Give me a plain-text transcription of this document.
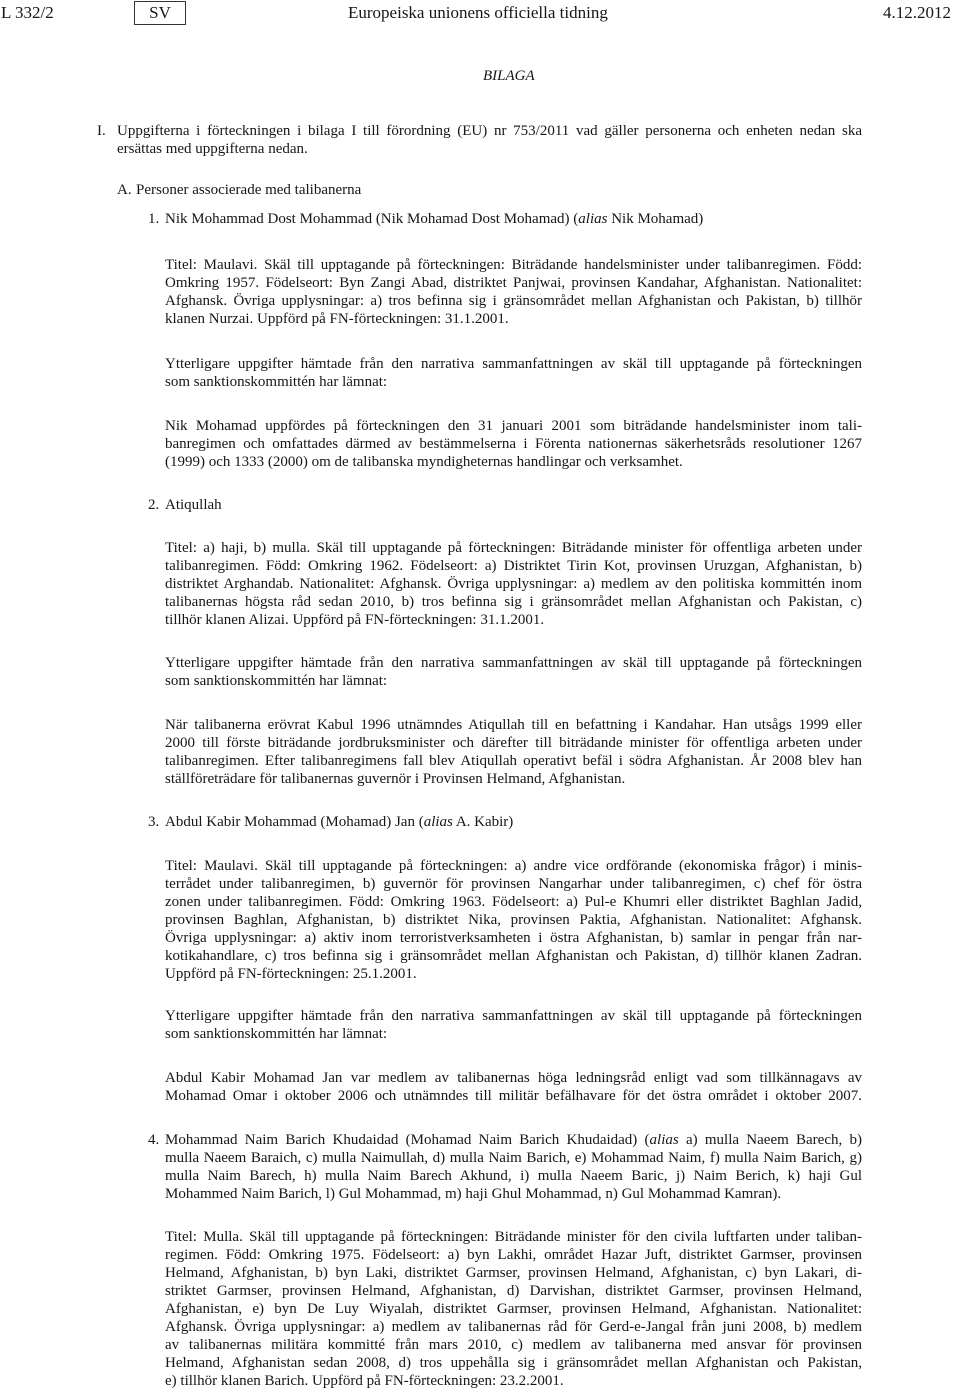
L 332/2	SV	Europeiska unionens officiella tidning	4.12.2012
BILAGA
I. Uppgifterna i förteckningen i bilaga I till förordning (EU) nr 753/2011 vad gäller personerna och enheten nedan ska
ersättas med uppgifterna nedan.
A. Personer associerade med talibanerna
1. Nik Mohammad Dost Mohammad (Nik Mohamad Dost Mohamad) (alias Nik Mohamad)
Titel: Maulavi. Skäl till upptagande på förteckningen: Biträdande handelsminister under talibanregimen. Född:
Omkring 1957. Födelseort: Byn Zangi Abad, distriktet Panjwai, provinsen Kandahar, Afghanistan. Nationalitet:
Afghansk. Övriga upplysningar: a) tros befinna sig i gränsområdet mellan Afghanistan och Pakistan, b) tillhör
klanen Nurzai. Uppförd på FN-förteckningen: 31.1.2001.
Ytterligare uppgifter hämtade från den narrativa sammanfattningen av skäl till upptagande på förteckningen
som sanktionskommittén har lämnat:
Nik Mohamad uppfördes på förteckningen den 31 januari 2001 som biträdande handelsminister inom tali-
banregimen och omfattades därmed av bestämmelserna i Förenta nationernas säkerhetsråds resolutioner 1267
(1999) och 1333 (2000) om de talibanska myndigheternas handlingar och verksamhet.
2. Atiqullah
Titel: a) haji, b) mulla. Skäl till upptagande på förteckningen: Biträdande minister för offentliga arbeten under
talibanregimen. Född: Omkring 1962. Födelseort: a) Distriktet Tirin Kot, provinsen Uruzgan, Afghanistan, b)
distriktet Arghandab. Nationalitet: Afghansk. Övriga upplysningar: a) medlem av den politiska kommittén inom
talibanernas högsta råd sedan 2010, b) tros befinna sig i gränsområdet mellan Afghanistan och Pakistan, c)
tillhör klanen Alizai. Uppförd på FN-förteckningen: 31.1.2001.
Ytterligare uppgifter hämtade från den narrativa sammanfattningen av skäl till upptagande på förteckningen
som sanktionskommittén har lämnat:
När talibanerna erövrat Kabul 1996 utnämndes Atiqullah till en befattning i Kandahar. Han utsågs 1999 eller
2000 till förste biträdande jordbruksminister och därefter till biträdande minister för offentliga arbeten under
talibanregimen. Efter talibanregimens fall blev Atiqullah operativt befäl i södra Afghanistan. År 2008 blev han
ställföreträdare för talibanernas guvernör i Provinsen Helmand, Afghanistan.
3. Abdul Kabir Mohammad (Mohamad) Jan (alias A. Kabir)
Titel: Maulavi. Skäl till upptagande på förteckningen: a) andre vice ordförande (ekonomiska frågor) i minis-
terrådet under talibanregimen, b) guvernör för provinsen Nangarhar under talibanregimen, c) chef för östra
zonen under talibanregimen. Född: Omkring 1963. Födelseort: a) Pul-e Khumri eller distriktet Baghlan Jadid,
provinsen Baghlan, Afghanistan, b) distriktet Nika, provinsen Paktia, Afghanistan. Nationalitet: Afghansk.
Övriga upplysningar: a) aktiv inom terroristverksamheten i östra Afghanistan, b) samlar in pengar från nar-
kotikahandlare, c) tros befinna sig i gränsområdet mellan Afghanistan och Pakistan, d) tillhör klanen Zadran.
Uppförd på FN-förteckningen: 25.1.2001.
Ytterligare uppgifter hämtade från den narrativa sammanfattningen av skäl till upptagande på förteckningen
som sanktionskommittén har lämnat:
Abdul Kabir Mohamad Jan var medlem av talibanernas höga ledningsråd enligt vad som tillkännagavs av
Mohamad Omar i oktober 2006 och utnämndes till militär befälhavare för det östra området i oktober 2007.
4. Mohammad Naim Barich Khudaidad (Mohamad Naim Barich Khudaidad) (alias a) mulla Naeem Barech, b)
mulla Naeem Baraich, c) mulla Naimullah, d) mulla Naim Barich, e) Mohammad Naim, f) mulla Naim Barich, g)
mulla Naim Barech, h) mulla Naim Barech Akhund, i) mulla Naeem Baric, j) Naim Berich, k) haji Gul
Mohammed Naim Barich, l) Gul Mohammad, m) haji Ghul Mohammad, n) Gul Mohammad Kamran).
Titel: Mulla. Skäl till upptagande på förteckningen: Biträdande minister för den civila luftfarten under taliban-
regimen. Född: Omkring 1975. Födelseort: a) byn Lakhi, området Hazar Juft, distriktet Garmser, provinsen
Helmand, Afghanistan, b) byn Laki, distriktet Garmser, provinsen Helmand, Afghanistan, c) byn Lakari, di-
striktet Garmser, provinsen Helmand, Afghanistan, d) Darvishan, distriktet Garmser, provinsen Helmand,
Afghanistan, e) byn De Luy Wiyalah, distriktet Garmser, provinsen Helmand, Afghanistan. Nationalitet:
Afghansk. Övriga upplysningar: a) medlem av talibanernas råd för Gerd-e-Jangal från juni 2008, b) medlem
av talibanernas militära kommitté från mars 2010, c) medlem av talibanerna med ansvar för provinsen
Helmand, Afghanistan sedan 2008, d) tros uppehålla sig i gränsområdet mellan Afghanistan och Pakistan,
e) tillhör klanen Barich. Uppförd på FN-förteckningen: 23.2.2001.
